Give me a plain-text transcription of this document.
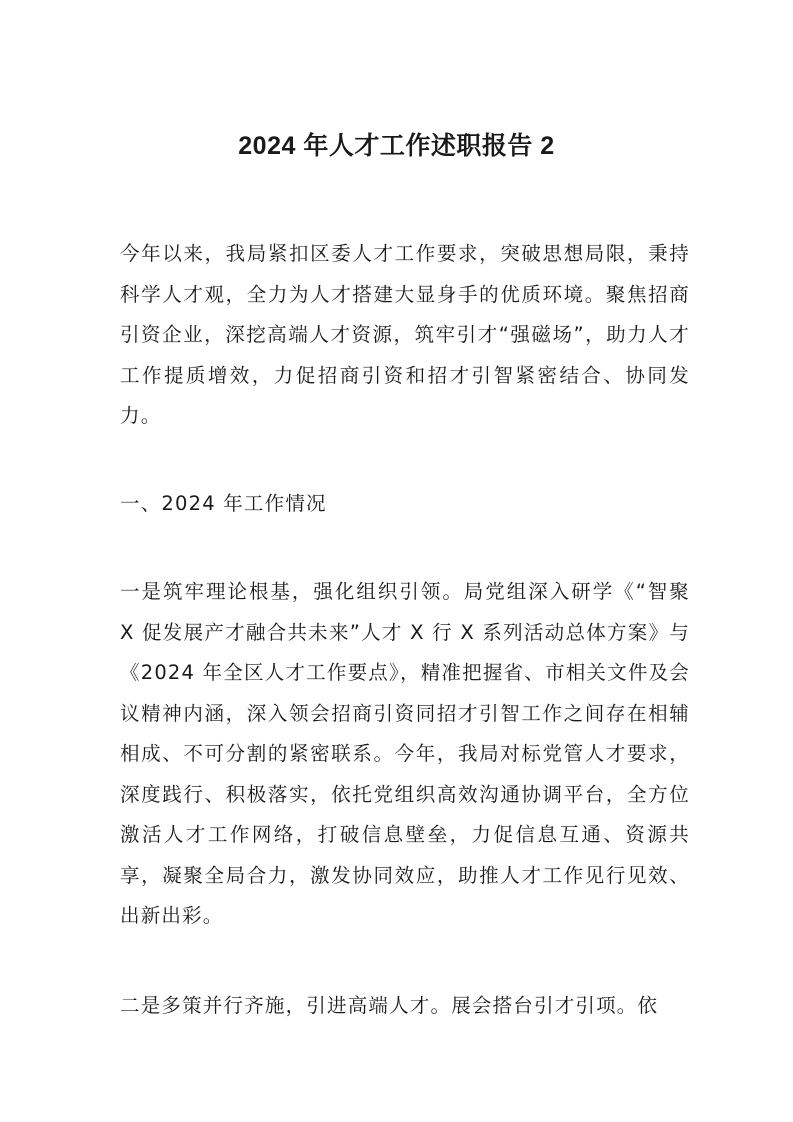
2024 年人才工作述职报告 2

今年以来，我局紧扣区委人才工作要求，突破思想局限，秉持科学人才观，全力为人才搭建大显身手的优质环境。聚焦招商引资企业，深挖高端人才资源，筑牢引才“强磁场”，助力人才工作提质增效，力促招商引资和招才引智紧密结合、协同发力。

一、2024 年工作情况

一是筑牢理论根基，强化组织引领。局党组深入研学《“智聚 X 促发展产才融合共未来”人才 X 行 X 系列活动总体方案》与《2024 年全区人才工作要点》，精准把握省、市相关文件及会议精神内涵，深入领会招商引资同招才引智工作之间存在相辅相成、不可分割的紧密联系。今年，我局对标党管人才要求，深度践行、积极落实，依托党组织高效沟通协调平台，全方位激活人才工作网络，打破信息壁垒，力促信息互通、资源共享，凝聚全局合力，激发协同效应，助推人才工作见行见效、出新出彩。

二是多策并行齐施，引进高端人才。展会搭台引才引项。依
